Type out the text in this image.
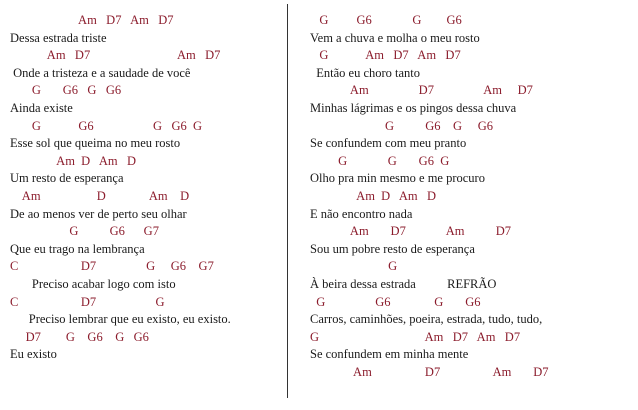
Am   D7   Am   D7
Dessa estrada triste
Am   D7                            Am   D7
Onde a tristeza e a saudade de você
G       G6   G   G6
Ainda existe
G            G6                   G   G6  G
Esse sol que queima no meu rosto
Am  D   Am   D
Um resto de esperança
Am                  D              Am    D
De ao menos ver de perto seu olhar
G          G6      G7
Que eu trago na lembrança
C                    D7                G     G6    G7
Preciso acabar logo com isto
C                    D7                   G
Preciso lembrar que eu existo, eu existo.
D7        G    G6    G   G6
Eu existo
G         G6             G        G6
Vem a chuva e molha o meu rosto
G            Am   D7   Am   D7
Então eu choro tanto
Am                D7                Am     D7
Minhas lágrimas e os pingos dessa chuva
G          G6    G     G6
Se confundem com meu pranto
G             G       G6  G
Olho pra min mesmo e me procuro
Am  D   Am   D
E não encontro nada
Am       D7             Am          D7
Sou um pobre resto de esperança
G
À beira dessa estrada          REFRÃO
G                G6              G       G6
Carros, caminhões, poeira, estrada, tudo, tudo,
G                                  Am   D7   Am   D7
Se confundem em minha mente
Am                 D7                 Am       D7
